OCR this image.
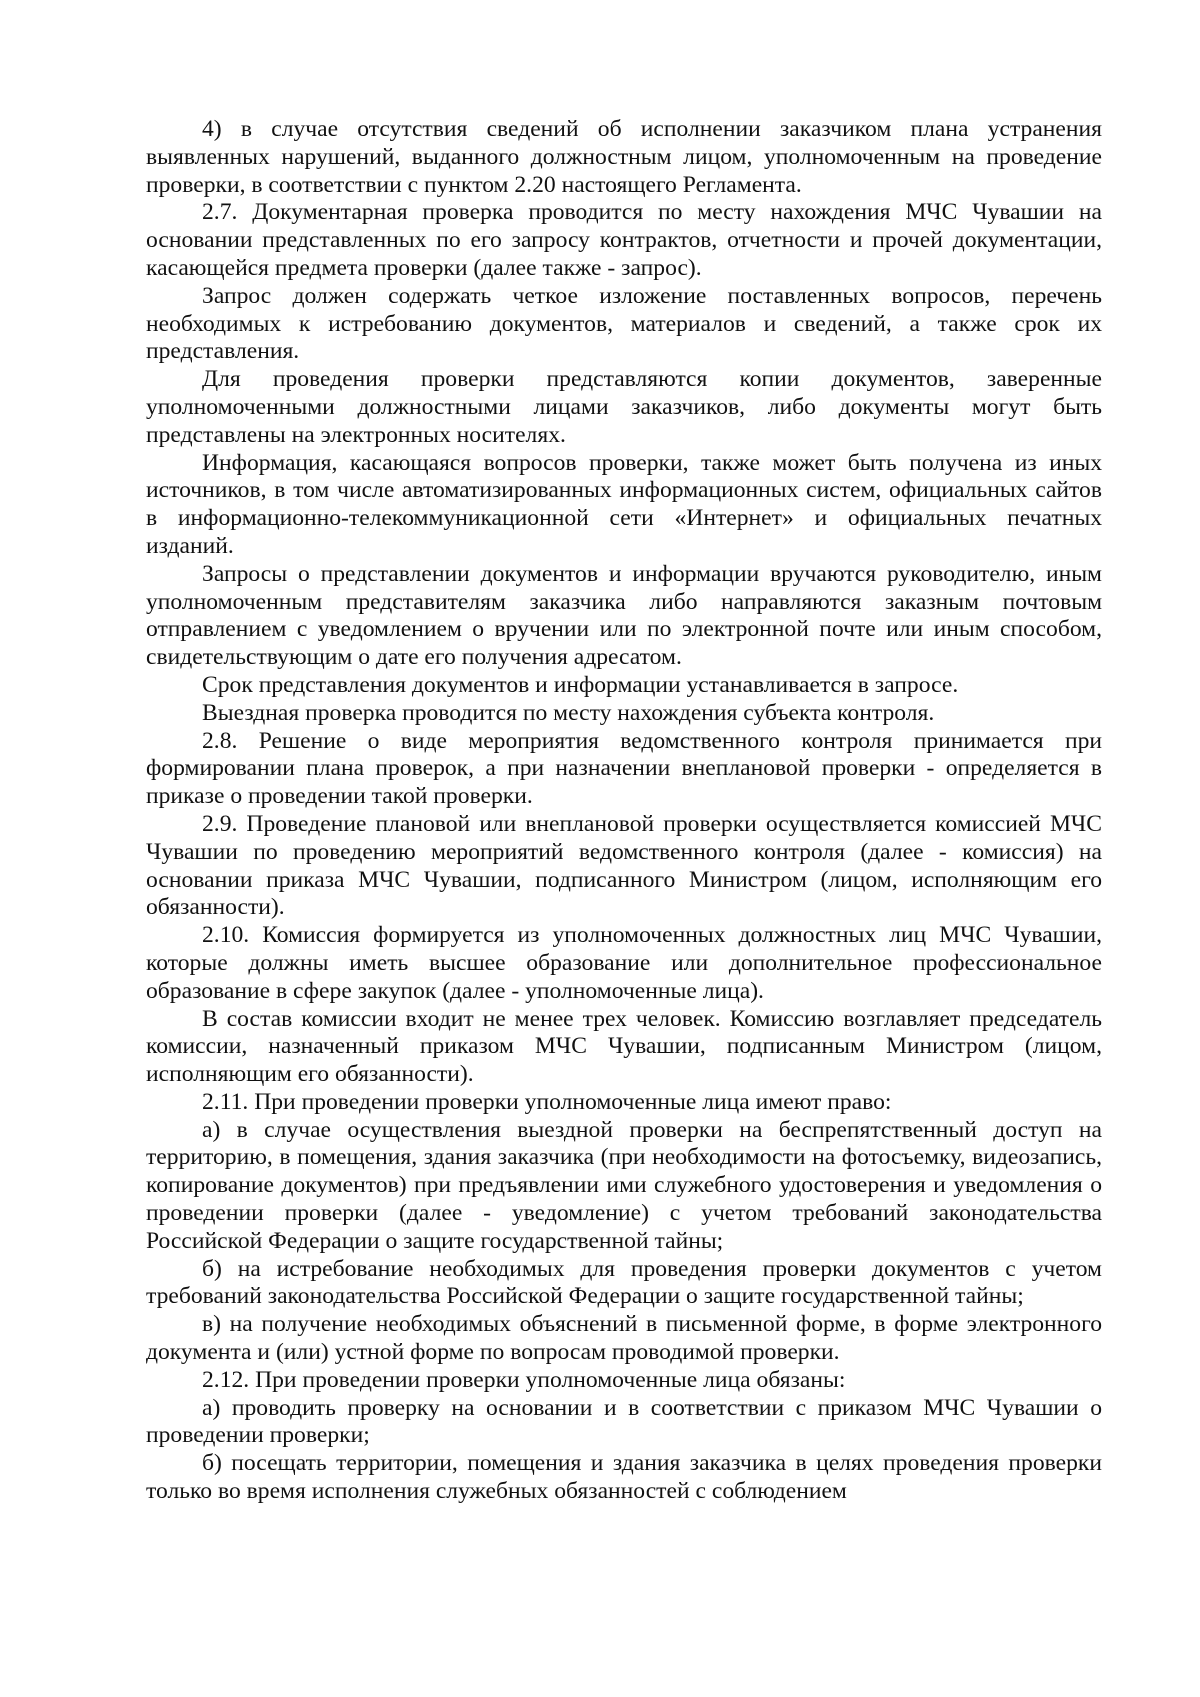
4) в случае отсутствия сведений об исполнении заказчиком плана устранения выявленных нарушений, выданного должностным лицом, уполномоченным на проведение проверки, в соответствии с пунктом 2.20 настоящего Регламента.

2.7. Документарная проверка проводится по месту нахождения МЧС Чувашии на основании представленных по его запросу контрактов, отчетности и прочей документации, касающейся предмета проверки (далее также - запрос).

Запрос должен содержать четкое изложение поставленных вопросов, перечень необходимых к истребованию документов, материалов и сведений, а также срок их представления.

Для проведения проверки представляются копии документов, заверенные уполномоченными должностными лицами заказчиков, либо документы могут быть представлены на электронных носителях.

Информация, касающаяся вопросов проверки, также может быть получена из иных источников, в том числе автоматизированных информационных систем, официальных сайтов в информационно-телекоммуникационной сети «Интернет» и официальных печатных изданий.

Запросы о представлении документов и информации вручаются руководителю, иным уполномоченным представителям заказчика либо направляются заказным почтовым отправлением с уведомлением о вручении или по электронной почте или иным способом, свидетельствующим о дате его получения адресатом.

Срок представления документов и информации устанавливается в запросе.

Выездная проверка проводится по месту нахождения субъекта контроля.

2.8. Решение о виде мероприятия ведомственного контроля принимается при формировании плана проверок, а при назначении внеплановой проверки - определяется в приказе о проведении такой проверки.

2.9. Проведение плановой или внеплановой проверки осуществляется комиссией МЧС Чувашии по проведению мероприятий ведомственного контроля (далее - комиссия) на основании приказа МЧС Чувашии, подписанного Министром (лицом, исполняющим его обязанности).

2.10. Комиссия формируется из уполномоченных должностных лиц МЧС Чувашии, которые должны иметь высшее образование или дополнительное профессиональное образование в сфере закупок (далее - уполномоченные лица).

В состав комиссии входит не менее трех человек. Комиссию возглавляет председатель комиссии, назначенный приказом МЧС Чувашии, подписанным Министром (лицом, исполняющим его обязанности).

2.11. При проведении проверки уполномоченные лица имеют право:

а) в случае осуществления выездной проверки на беспрепятственный доступ на территорию, в помещения, здания заказчика (при необходимости на фотосъемку, видеозапись, копирование документов) при предъявлении ими служебного удостоверения и уведомления о проведении проверки (далее - уведомление) с учетом требований законодательства Российской Федерации о защите государственной тайны;

б) на истребование необходимых для проведения проверки документов с учетом требований законодательства Российской Федерации о защите государственной тайны;

в) на получение необходимых объяснений в письменной форме, в форме электронного документа и (или) устной форме по вопросам проводимой проверки.

2.12. При проведении проверки уполномоченные лица обязаны:

а) проводить проверку на основании и в соответствии с приказом МЧС Чувашии о проведении проверки;

б) посещать территории, помещения и здания заказчика в целях проведения проверки только во время исполнения служебных обязанностей с соблюдением
